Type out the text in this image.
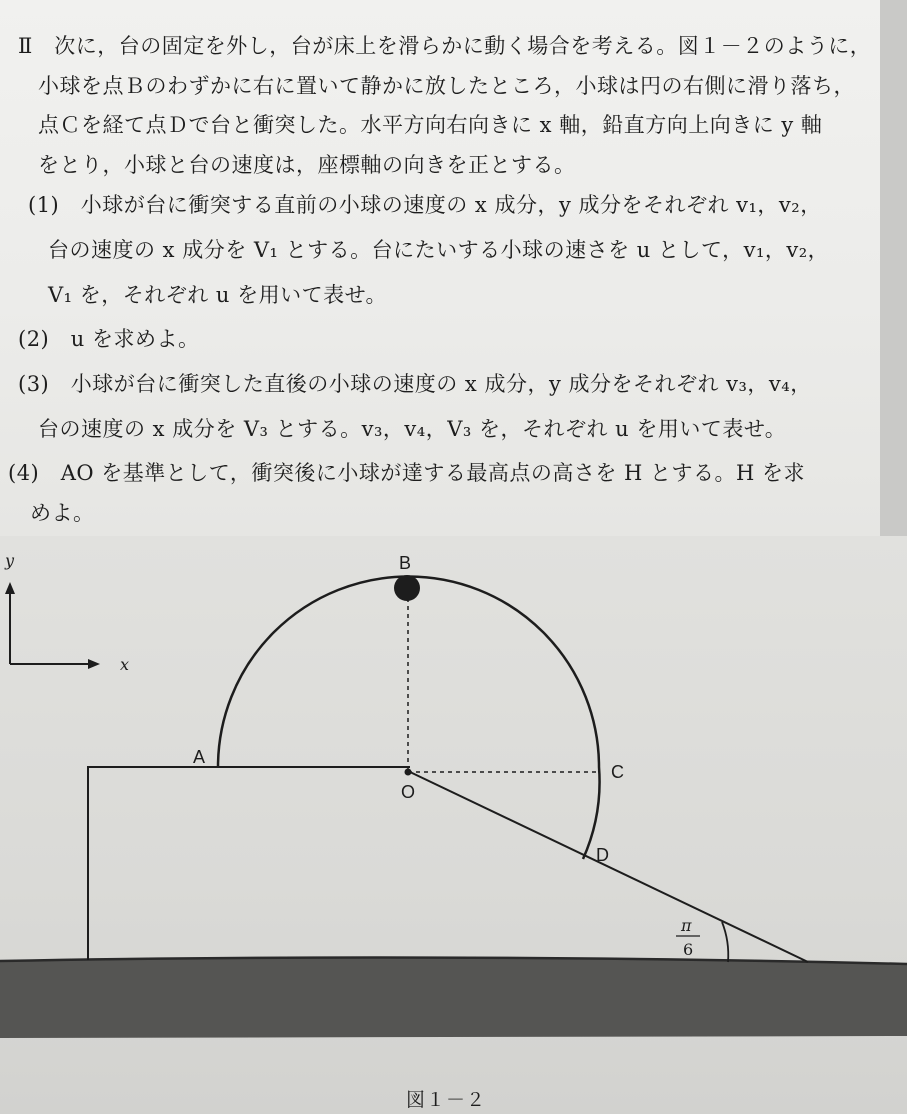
Ⅱ　次に，台の固定を外し，台が床上を滑らかに動く場合を考える。図１－２のように，
小球を点Ｂのわずかに右に置いて静かに放したところ，小球は円の右側に滑り落ち，
点Ｃを経て点Ｄで台と衝突した。水平方向右向きに x 軸，鉛直方向上向きに y 軸
をとり，小球と台の速度は，座標軸の向きを正とする。
(1)　小球が台に衝突する直前の小球の速度の x 成分，y 成分をそれぞれ v₁，v₂，
台の速度の x 成分を V₁ とする。台にたいする小球の速さを u として，v₁，v₂，
V₁ を，それぞれ u を用いて表せ。
(2)　u を求めよ。
(3)　小球が台に衝突した直後の小球の速度の x 成分，y 成分をそれぞれ v₃，v₄，
台の速度の x 成分を V₃ とする。v₃，v₄，V₃ を，それぞれ u を用いて表せ。
(4)　AO を基準として，衝突後に小球が達する最高点の高さを H とする。H を求
めよ。
y
x
B
A
C
O
D
π
6
図１－２
